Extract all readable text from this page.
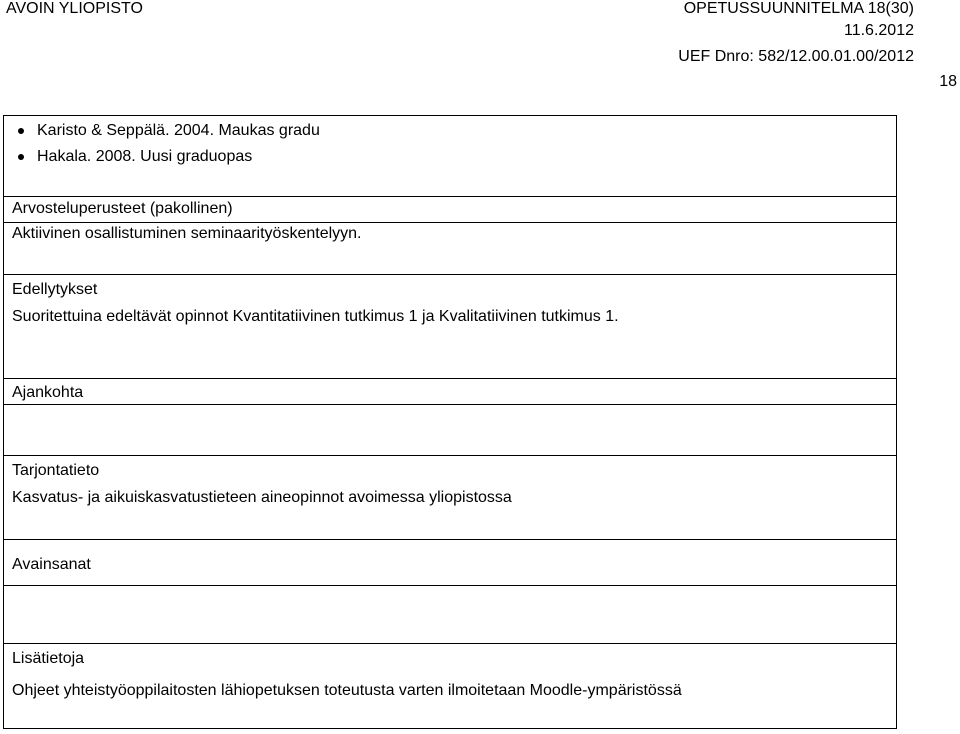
AVOIN YLIOPISTO	OPETUSSUUNNITELMA 18(30)
11.6.2012
UEF Dnro: 582/12.00.01.00/2012
18
Karisto & Seppälä. 2004. Maukas gradu
Hakala. 2008. Uusi graduopas
Arvosteluperusteet (pakollinen)
Aktiivinen osallistuminen seminaarityöskentelyyn.
Edellytykset
Suoritettuina edeltävät opinnot Kvantitatiivinen tutkimus 1 ja Kvalitatiivinen tutkimus 1.
Ajankohta
Tarjontatieto
Kasvatus- ja aikuiskasvatustieteen aineopinnot avoimessa yliopistossa
Avainsanat
Lisätietoja
Ohjeet yhteistyöoppilaitosten lähiopetuksen toteutusta varten ilmoitetaan Moodle-ympäristössä
